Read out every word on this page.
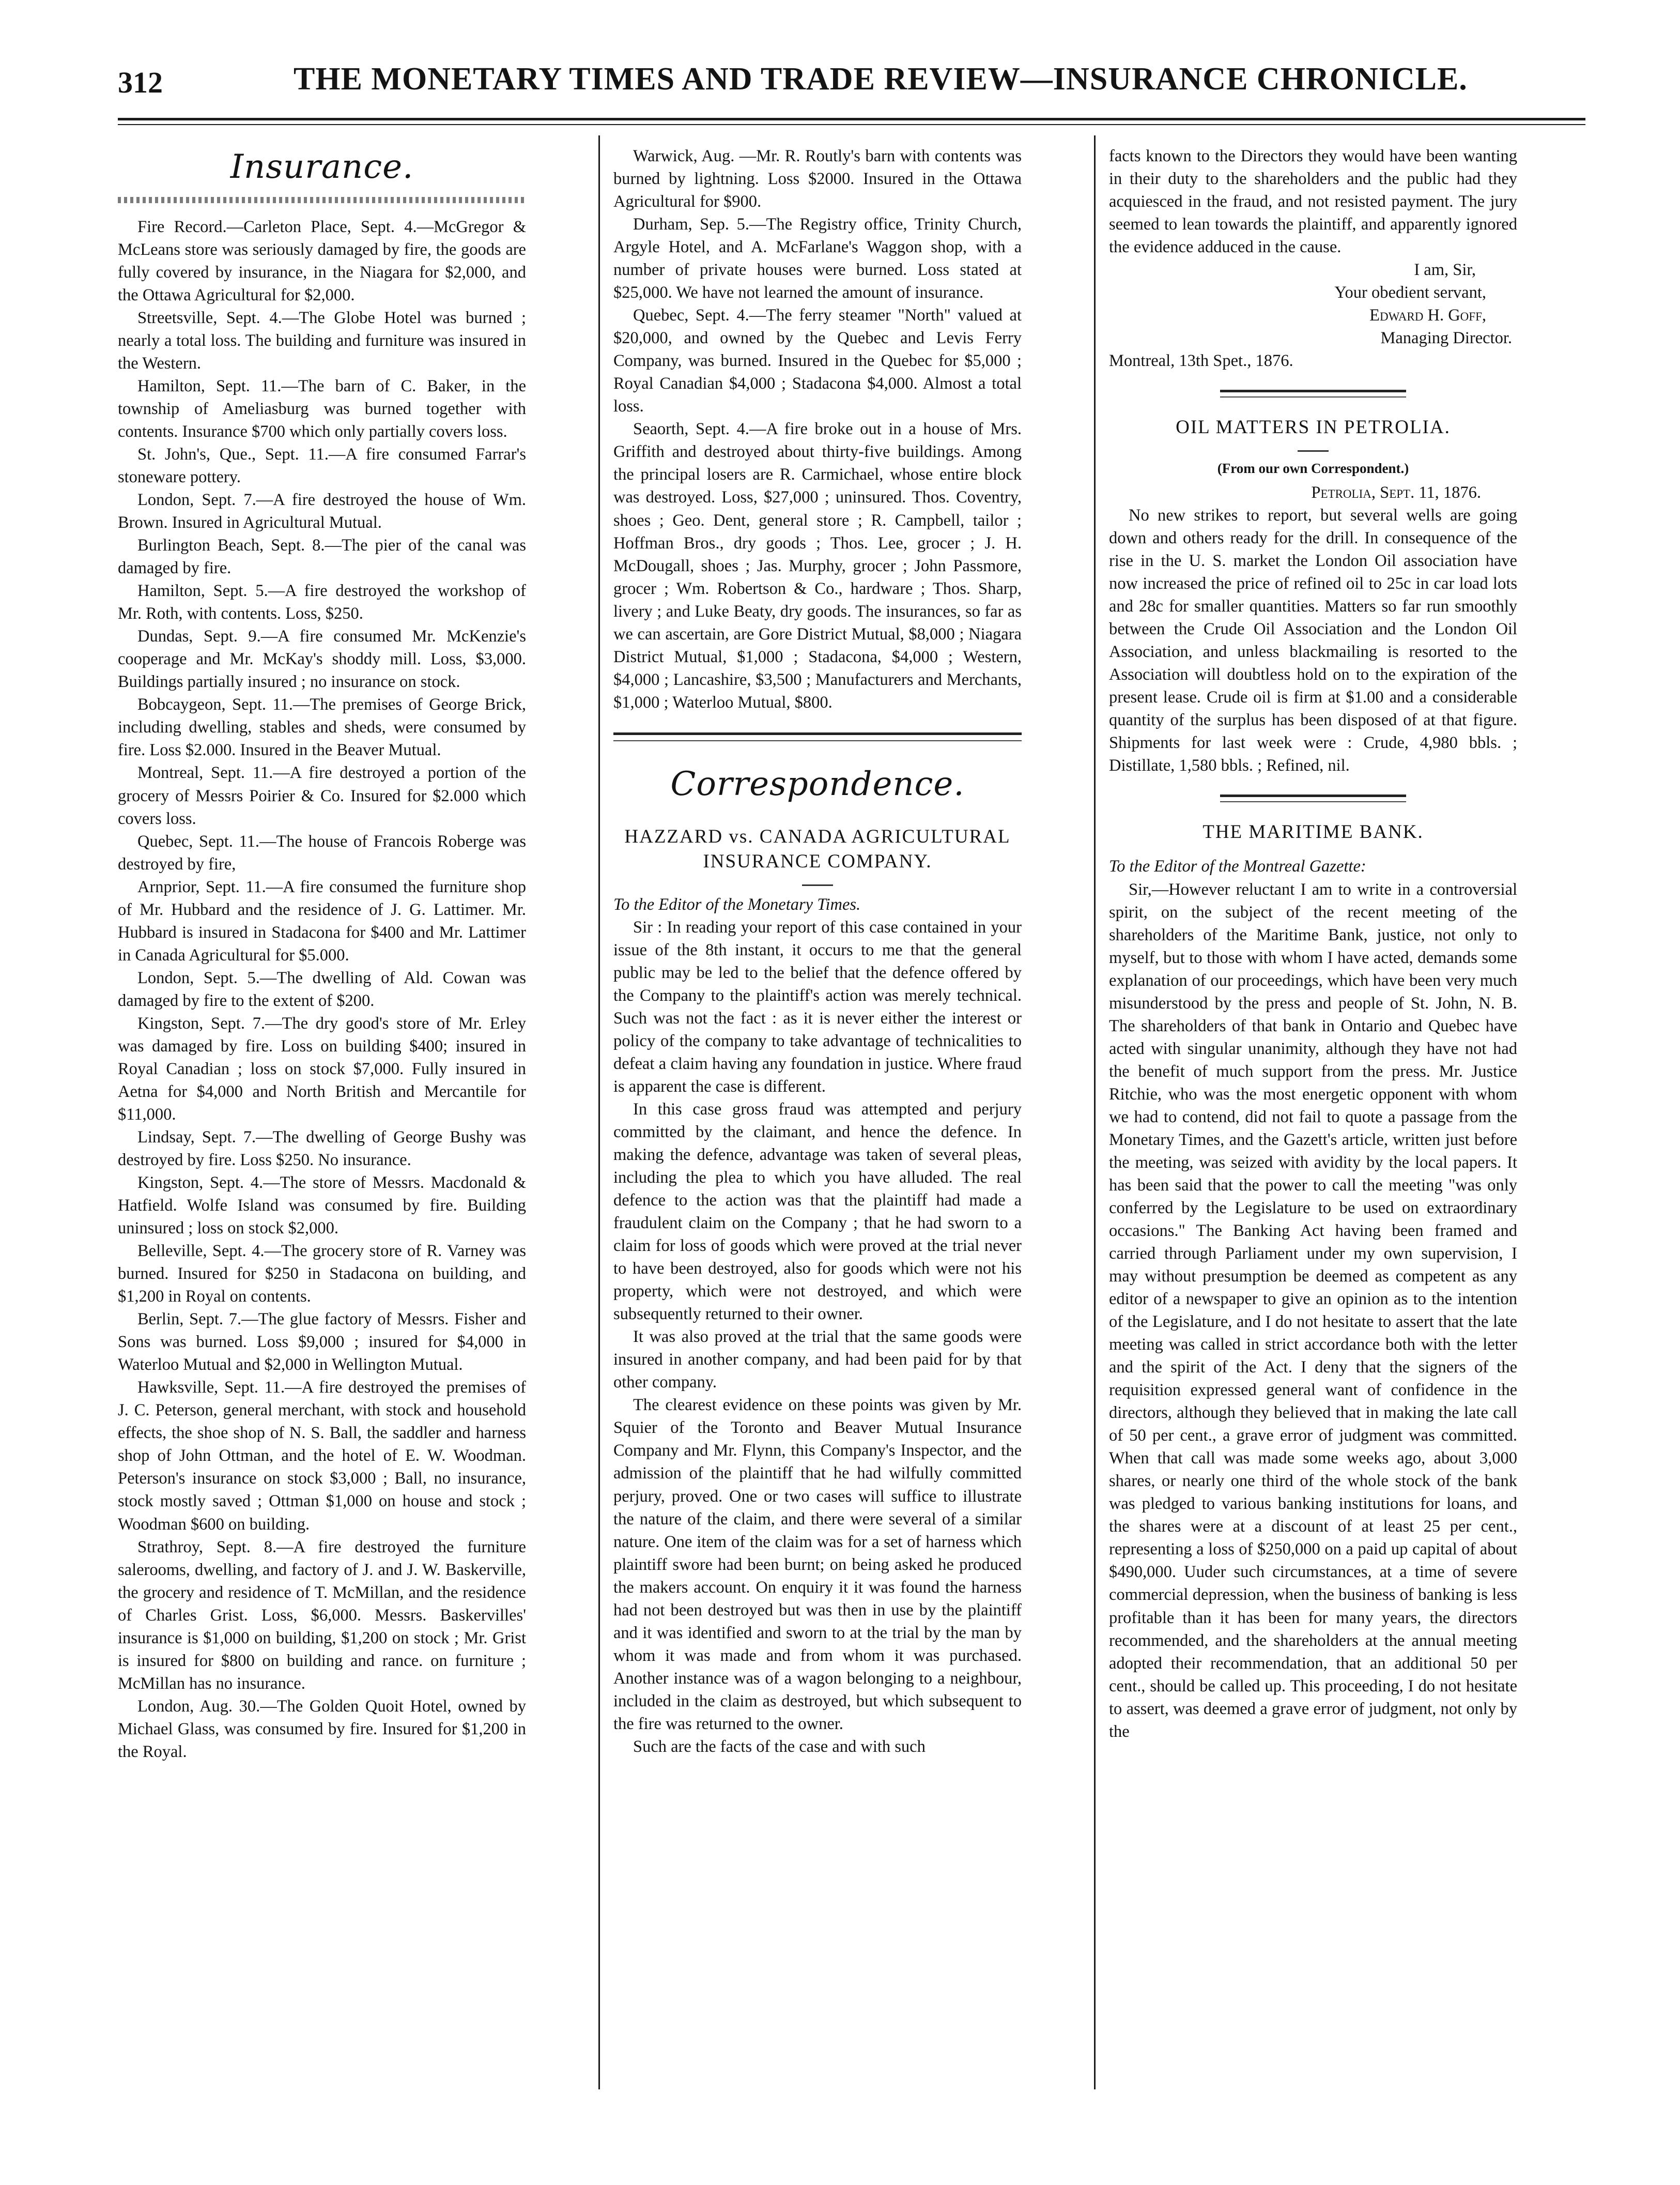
312	THE MONETARY TIMES AND TRADE REVIEW—INSURANCE CHRONICLE.
Insurance.

Fire Record.—Carleton Place, Sept. 4.—McGregor & McLeans store was seriously damaged by fire, the goods are fully covered by insurance, in the Niagara for $2,000, and the Ottawa Agricultural for $2,000.

Streetsville, Sept. 4.—The Globe Hotel was burned ; nearly a total loss. The building and furniture was insured in the Western.

Hamilton, Sept. 11.—The barn of C. Baker, in the township of Ameliasburg was burned together with contents. Insurance $700 which only partially covers loss.

St. John's, Que., Sept. 11.—A fire consumed Farrar's stoneware pottery.

London, Sept. 7.—A fire destroyed the house of Wm. Brown. Insured in Agricultural Mutual.

Burlington Beach, Sept. 8.—The pier of the canal was damaged by fire.

Hamilton, Sept. 5.—A fire destroyed the workshop of Mr. Roth, with contents. Loss, $250.

Dundas, Sept. 9.—A fire consumed Mr. McKenzie's cooperage and Mr. McKay's shoddy mill. Loss, $3,000. Buildings partially insured ; no insurance on stock.

Bobcaygeon, Sept. 11.—The premises of George Brick, including dwelling, stables and sheds, were consumed by fire. Loss $2.000. Insured in the Beaver Mutual.

Montreal, Sept. 11.—A fire destroyed a portion of the grocery of Messrs Poirier & Co. Insured for $2.000 which covers loss.

Quebec, Sept. 11.—The house of Francois Roberge was destroyed by fire,

Arnprior, Sept. 11.—A fire consumed the furniture shop of Mr. Hubbard and the residence of J. G. Lattimer. Mr. Hubbard is insured in Stadacona for $400 and Mr. Lattimer in Canada Agricultural for $5.000.

London, Sept. 5.—The dwelling of Ald. Cowan was damaged by fire to the extent of $200.

Kingston, Sept. 7.—The dry good's store of Mr. Erley was damaged by fire. Loss on building $400; insured in Royal Canadian ; loss on stock $7,000. Fully insured in Aetna for $4,000 and North British and Mercantile for $11,000.

Lindsay, Sept. 7.—The dwelling of George Bushy was destroyed by fire. Loss $250. No insurance.

Kingston, Sept. 4.—The store of Messrs. Macdonald & Hatfield. Wolfe Island was consumed by fire. Building uninsured ; loss on stock $2,000.

Belleville, Sept. 4.—The grocery store of R. Varney was burned. Insured for $250 in Stadacona on building, and $1,200 in Royal on contents.

Berlin, Sept. 7.—The glue factory of Messrs. Fisher and Sons was burned. Loss $9,000 ; insured for $4,000 in Waterloo Mutual and $2,000 in Wellington Mutual.

Hawksville, Sept. 11.—A fire destroyed the premises of J. C. Peterson, general merchant, with stock and household effects, the shoe shop of N. S. Ball, the saddler and harness shop of John Ottman, and the hotel of E. W. Woodman. Peterson's insurance on stock $3,000 ; Ball, no insurance, stock mostly saved ; Ottman $1,000 on house and stock ; Woodman $600 on building.

Strathroy, Sept. 8.—A fire destroyed the furniture salerooms, dwelling, and factory of J. and J. W. Baskerville, the grocery and residence of T. McMillan, and the residence of Charles Grist. Loss, $6,000. Messrs. Baskervilles' insurance is $1,000 on building, $1,200 on stock ; Mr. Grist is insured for $800 on building and rance. on furniture ; McMillan has no insurance.

London, Aug. 30.—The Golden Quoit Hotel, owned by Michael Glass, was consumed by fire. Insured for $1,200 in the Royal.

Warwick, Aug. —Mr. R. Routly's barn with contents was burned by lightning. Loss $2000. Insured in the Ottawa Agricultural for $900.

Durham, Sep. 5.—The Registry office, Trinity Church, Argyle Hotel, and A. McFarlane's Waggon shop, with a number of private houses were burned. Loss stated at $25,000. We have not learned the amount of insurance.

Quebec, Sept. 4.—The ferry steamer "North" valued at $20,000, and owned by the Quebec and Levis Ferry Company, was burned. Insured in the Quebec for $5,000 ; Royal Canadian $4,000 ; Stadacona $4,000. Almost a total loss.

Seaorth, Sept. 4.—A fire broke out in a house of Mrs. Griffith and destroyed about thirty-five buildings. Among the principal losers are R. Carmichael, whose entire block was destroyed. Loss, $27,000 ; uninsured. Thos. Coventry, shoes ; Geo. Dent, general store ; R. Campbell, tailor ; Hoffman Bros., dry goods ; Thos. Lee, grocer ; J. H. McDougall, shoes ; Jas. Murphy, grocer ; John Passmore, grocer ; Wm. Robertson & Co., hardware ; Thos. Sharp, livery ; and Luke Beaty, dry goods. The insurances, so far as we can ascertain, are Gore District Mutual, $8,000 ; Niagara District Mutual, $1,000 ; Stadacona, $4,000 ; Western, $4,000 ; Lancashire, $3,500 ; Manufacturers and Merchants, $1,000 ; Waterloo Mutual, $800.

Correspondence.
HAZZARD vs. CANADA AGRICULTURAL INSURANCE COMPANY.

To the Editor of the Monetary Times.

Sir : In reading your report of this case contained in your issue of the 8th instant, it occurs to me that the general public may be led to the belief that the defence offered by the Company to the plaintiff's action was merely technical. Such was not the fact : as it is never either the interest or policy of the company to take advantage of technicalities to defeat a claim having any foundation in justice. Where fraud is apparent the case is different.

In this case gross fraud was attempted and perjury committed by the claimant, and hence the defence. In making the defence, advantage was taken of several pleas, including the plea to which you have alluded. The real defence to the action was that the plaintiff had made a fraudulent claim on the Company ; that he had sworn to a claim for loss of goods which were proved at the trial never to have been destroyed, also for goods which were not his property, which were not destroyed, and which were subsequently returned to their owner.

It was also proved at the trial that the same goods were insured in another company, and had been paid for by that other company.

The clearest evidence on these points was given by Mr. Squier of the Toronto and Beaver Mutual Insurance Company and Mr. Flynn, this Company's Inspector, and the admission of the plaintiff that he had wilfully committed perjury, proved. One or two cases will suffice to illustrate the nature of the claim, and there were several of a similar nature. One item of the claim was for a set of harness which plaintiff swore had been burnt; on being asked he produced the makers account. On enquiry it it was found the harness had not been destroyed but was then in use by the plaintiff and it was identified and sworn to at the trial by the man by whom it was made and from whom it was purchased. Another instance was of a wagon belonging to a neighbour, included in the claim as destroyed, but which subsequent to the fire was returned to the owner.

Such are the facts of the case and with such

facts known to the Directors they would have been wanting in their duty to the shareholders and the public had they acquiesced in the fraud, and not resisted payment. The jury seemed to lean towards the plaintiff, and apparently ignored the evidence adduced in the cause.

I am, Sir,

Your obedient servant,

Edward H. Goff,

Managing Director.

Montreal, 13th Spet., 1876.

OIL MATTERS IN PETROLIA.
(From our own Correspondent.)

Petrolia, Sept. 11, 1876.

No new strikes to report, but several wells are going down and others ready for the drill. In consequence of the rise in the U. S. market the London Oil association have now increased the price of refined oil to 25c in car load lots and 28c for smaller quantities. Matters so far run smoothly between the Crude Oil Association and the London Oil Association, and unless blackmailing is resorted to the Association will doubtless hold on to the expiration of the present lease. Crude oil is firm at $1.00 and a considerable quantity of the surplus has been disposed of at that figure. Shipments for last week were : Crude, 4,980 bbls. ; Distillate, 1,580 bbls. ; Refined, nil.

THE MARITIME BANK.

To the Editor of the Montreal Gazette:

Sir,—However reluctant I am to write in a controversial spirit, on the subject of the recent meeting of the shareholders of the Maritime Bank, justice, not only to myself, but to those with whom I have acted, demands some explanation of our proceedings, which have been very much misunderstood by the press and people of St. John, N. B. The shareholders of that bank in Ontario and Quebec have acted with singular unanimity, although they have not had the benefit of much support from the press. Mr. Justice Ritchie, who was the most energetic opponent with whom we had to contend, did not fail to quote a passage from the Monetary Times, and the Gazett's article, written just before the meeting, was seized with avidity by the local papers. It has been said that the power to call the meeting "was only conferred by the Legislature to be used on extraordinary occasions." The Banking Act having been framed and carried through Parliament under my own supervision, I may without presumption be deemed as competent as any editor of a newspaper to give an opinion as to the intention of the Legislature, and I do not hesitate to assert that the late meeting was called in strict accordance both with the letter and the spirit of the Act. I deny that the signers of the requisition expressed general want of confidence in the directors, although they believed that in making the late call of 50 per cent., a grave error of judgment was committed. When that call was made some weeks ago, about 3,000 shares, or nearly one third of the whole stock of the bank was pledged to various banking institutions for loans, and the shares were at a discount of at least 25 per cent., representing a loss of $250,000 on a paid up capital of about $490,000. Uuder such circumstances, at a time of severe commercial depression, when the business of banking is less profitable than it has been for many years, the directors recommended, and the shareholders at the annual meeting adopted their recommendation, that an additional 50 per cent., should be called up. This proceeding, I do not hesitate to assert, was deemed a grave error of judgment, not only by the
